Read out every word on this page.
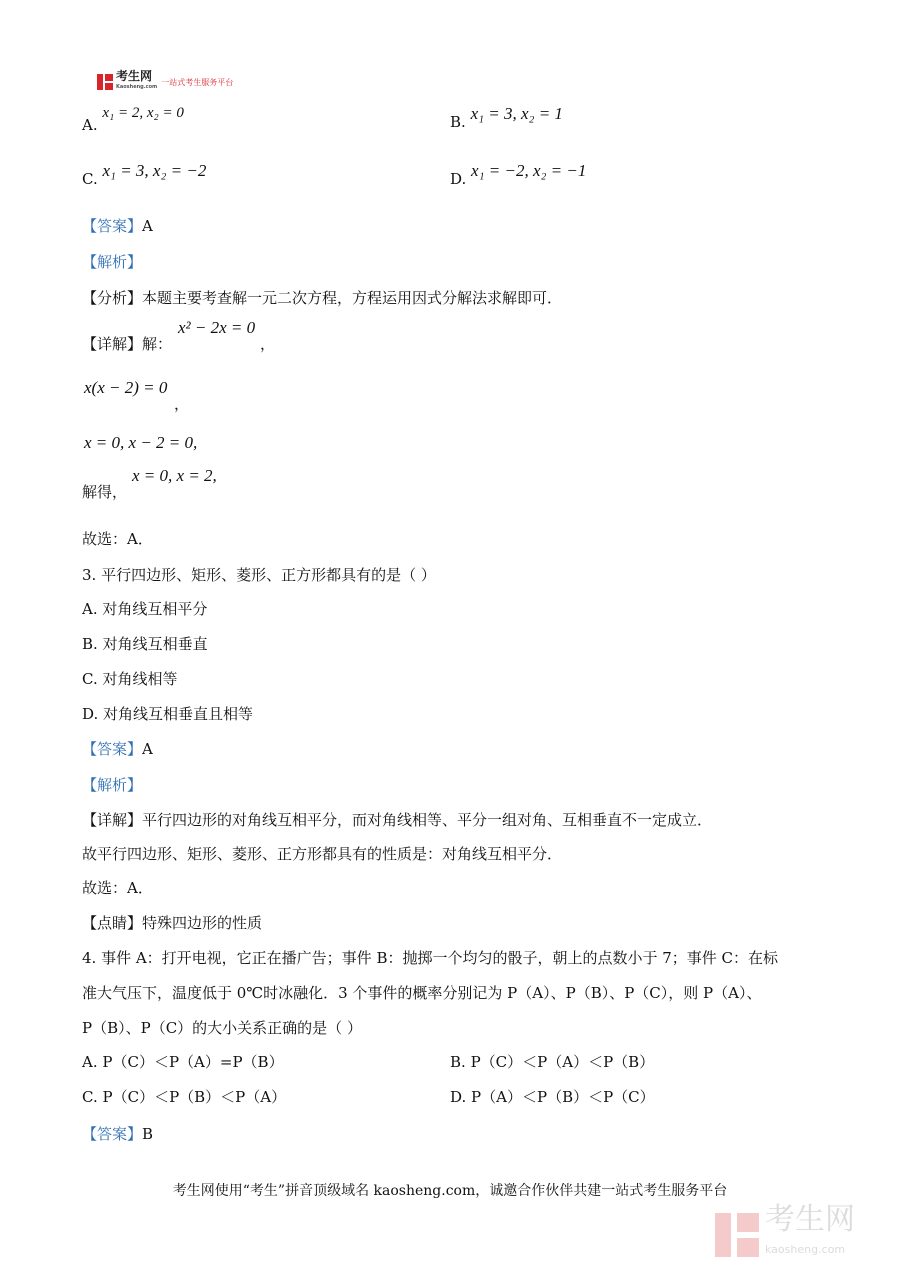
考生网
Kaosheng.com
一站式考生服务平台
A. x₁ = 2, x₂ = 0	B. x₁ = 3, x₂ = 1
C. x₁ = 3, x₂ = −2	D. x₁ = −2, x₂ = −1
【答案】A
【解析】
【分析】本题主要考查解一元二次方程，方程运用因式分解法求解即可．
【详解】解：
x² − 2x = 0
，
x(x − 2) = 0
，
x = 0, x − 2 = 0,
解得，
x = 0, x = 2,
故选：A．
3. 平行四边形、矩形、菱形、正方形都具有的是（ ）
A. 对角线互相平分
B. 对角线互相垂直
C. 对角线相等
D. 对角线互相垂直且相等
【答案】A
【解析】
【详解】平行四边形的对角线互相平分，而对角线相等、平分一组对角、互相垂直不一定成立．
故平行四边形、矩形、菱形、正方形都具有的性质是：对角线互相平分．
故选：A．
【点睛】特殊四边形的性质
4. 事件 A：打开电视，它正在播广告；事件 B：抛掷一个均匀的骰子，朝上的点数小于 7；事件 C：在标
准大气压下，温度低于 0℃时冰融化．3 个事件的概率分别记为 P（A）、P（B）、P（C），则 P（A）、
P（B）、P（C）的大小关系正确的是（ ）
A. P（C）＜P（A）=P（B）	B. P（C）＜P（A）＜P（B）
C. P（C）＜P（B）＜P（A）	D. P（A）＜P（B）＜P（C）
【答案】B
考生网使用“考生”拼音顶级域名 kaosheng.com，诚邀合作伙伴共建一站式考生服务平台
考生网
kaosheng.com
